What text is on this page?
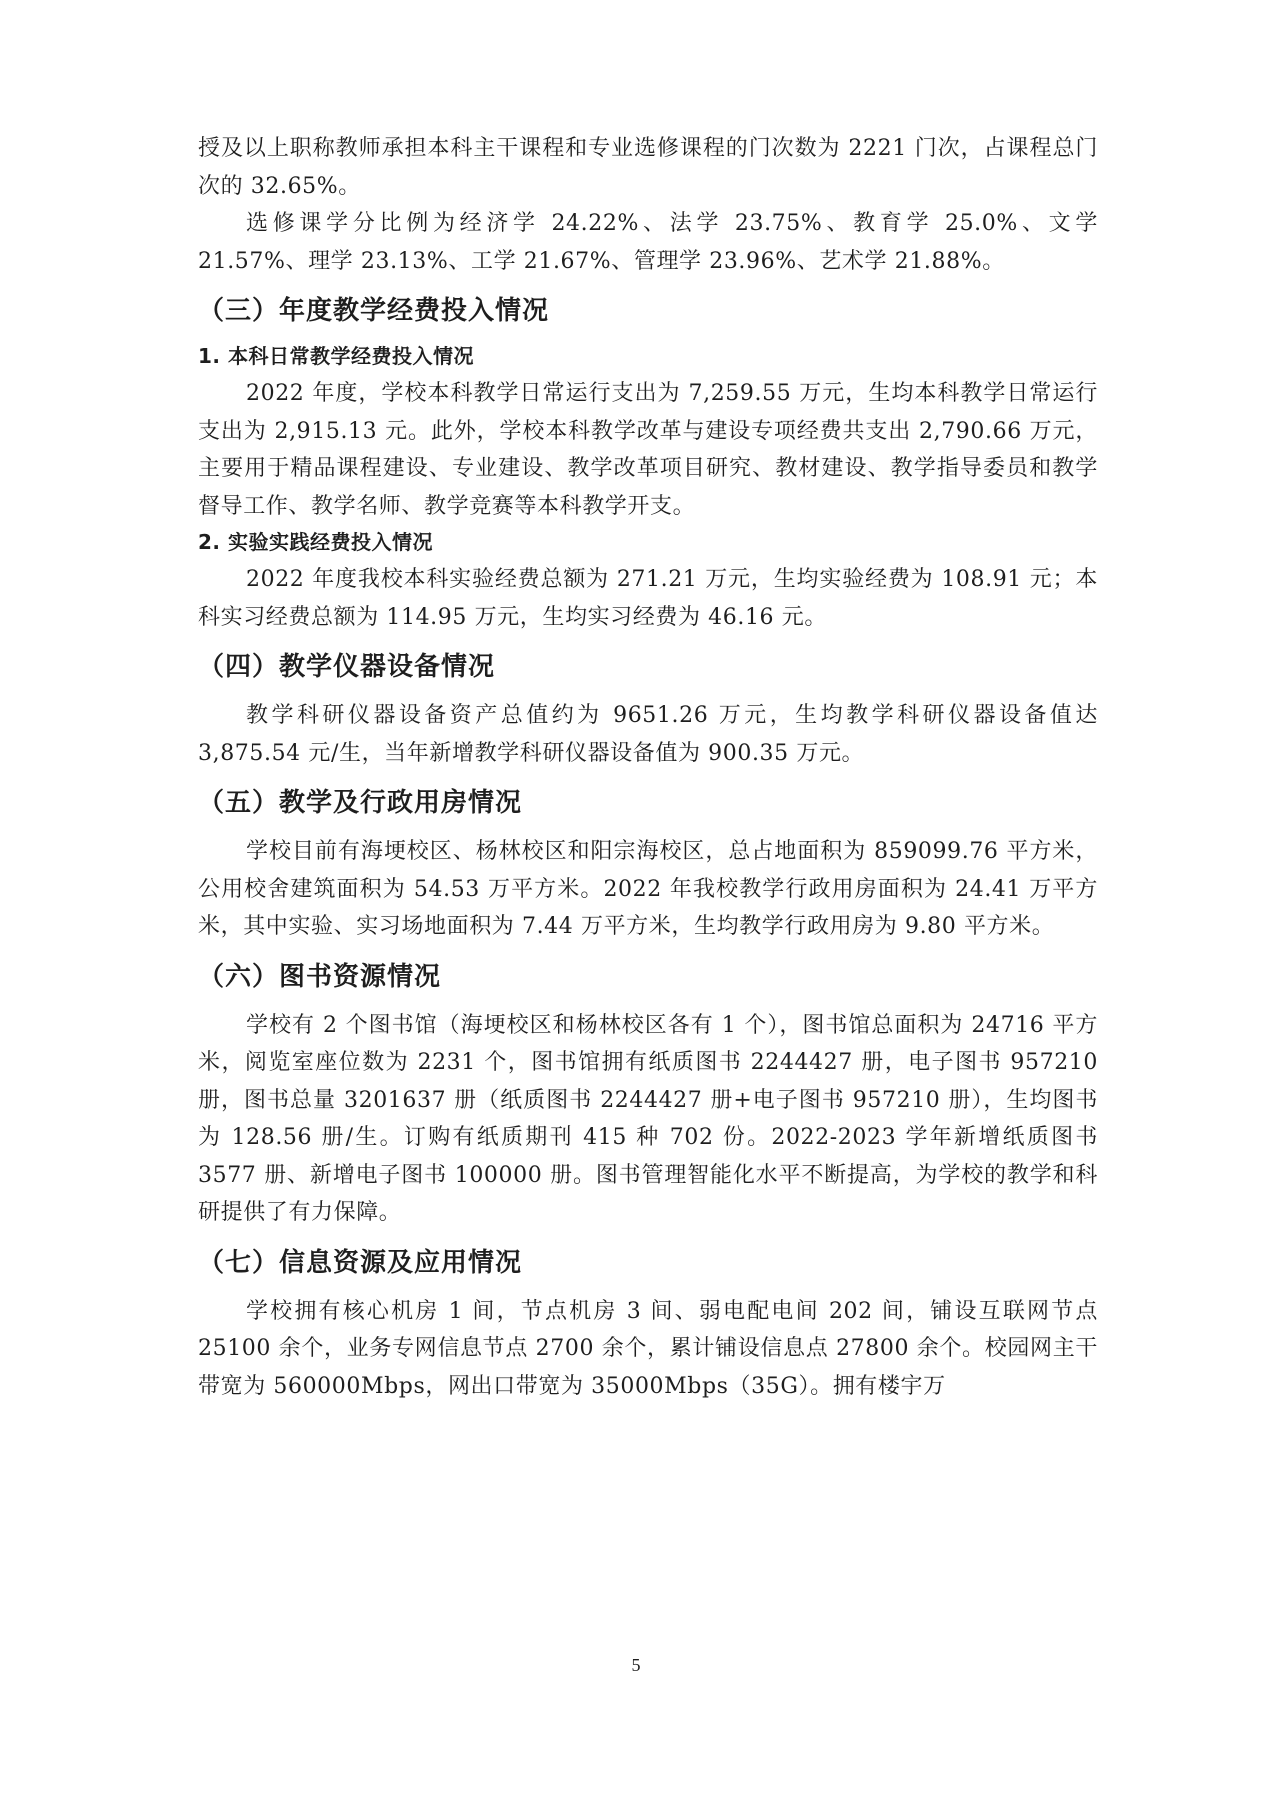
授及以上职称教师承担本科主干课程和专业选修课程的门次数为 2221 门次，占课程总门次的 32.65%。

选修课学分比例为经济学 24.22%、法学 23.75%、教育学 25.0%、文学 21.57%、理学 23.13%、工学 21.67%、管理学 23.96%、艺术学 21.88%。

（三）年度教学经费投入情况
1. 本科日常教学经费投入情况

2022 年度，学校本科教学日常运行支出为 7,259.55 万元，生均本科教学日常运行支出为 2,915.13 元。此外，学校本科教学改革与建设专项经费共支出 2,790.66 万元，主要用于精品课程建设、专业建设、教学改革项目研究、教材建设、教学指导委员和教学督导工作、教学名师、教学竞赛等本科教学开支。

2. 实验实践经费投入情况

2022 年度我校本科实验经费总额为 271.21 万元，生均实验经费为 108.91 元；本科实习经费总额为 114.95 万元，生均实习经费为 46.16 元。

（四）教学仪器设备情况

教学科研仪器设备资产总值约为 9651.26 万元，生均教学科研仪器设备值达 3,875.54 元/生，当年新增教学科研仪器设备值为 900.35 万元。

（五）教学及行政用房情况

学校目前有海埂校区、杨林校区和阳宗海校区，总占地面积为 859099.76 平方米，公用校舍建筑面积为 54.53 万平方米。2022 年我校教学行政用房面积为 24.41 万平方米，其中实验、实习场地面积为 7.44 万平方米，生均教学行政用房为 9.80 平方米。

（六）图书资源情况

学校有 2 个图书馆（海埂校区和杨林校区各有 1 个），图书馆总面积为 24716 平方米，阅览室座位数为 2231 个，图书馆拥有纸质图书 2244427 册，电子图书 957210 册，图书总量 3201637 册（纸质图书 2244427 册+电子图书 957210 册），生均图书为 128.56 册/生。订购有纸质期刊 415 种 702 份。2022-2023 学年新增纸质图书 3577 册、新增电子图书 100000 册。图书管理智能化水平不断提高，为学校的教学和科研提供了有力保障。

（七）信息资源及应用情况

学校拥有核心机房 1 间，节点机房 3 间、弱电配电间 202 间，铺设互联网节点 25100 余个，业务专网信息节点 2700 余个，累计铺设信息点 27800 余个。校园网主干带宽为 560000Mbps，网出口带宽为 35000Mbps（35G）。拥有楼宇万

5
